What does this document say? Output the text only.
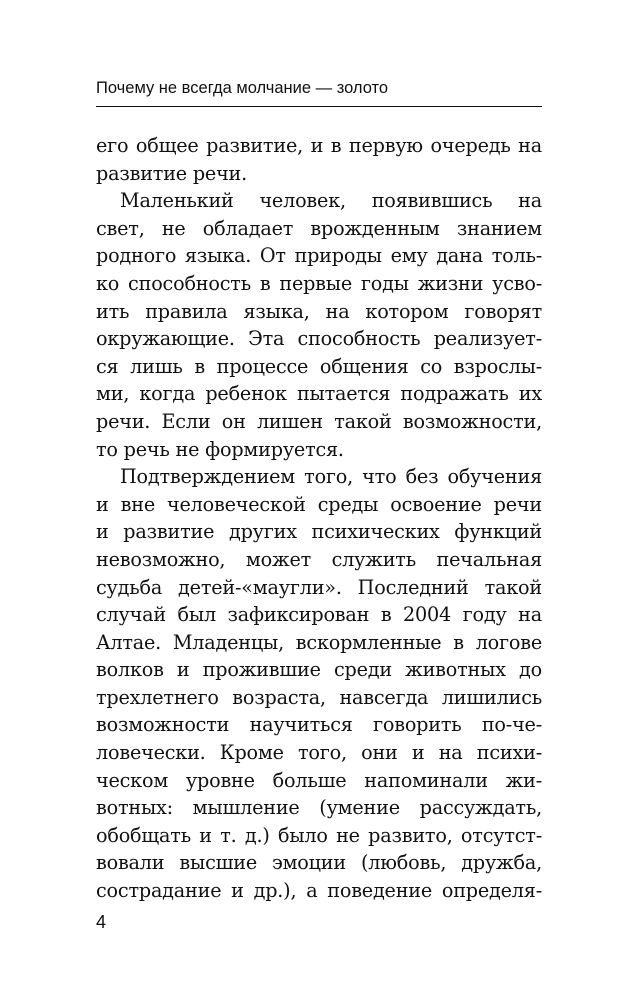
Почему не всегда молчание — золото
его общее развитие, и в первую очередь на
развитие речи.
Маленький человек, появившись на
свет, не обладает врожденным знанием
родного языка. От природы ему дана толь-
ко способность в первые годы жизни усво-
ить правила языка, на котором говорят
окружающие. Эта способность реализует-
ся лишь в процессе общения со взрослы-
ми, когда ребенок пытается подражать их
речи. Если он лишен такой возможности,
то речь не формируется.
Подтверждением того, что без обучения
и вне человеческой среды освоение речи
и развитие других психических функций
невозможно, может служить печальная
судьба детей-«маугли». Последний такой
случай был зафиксирован в 2004 году на
Алтае. Младенцы, вскормленные в логове
волков и прожившие среди животных до
трехлетнего возраста, навсегда лишились
возможности научиться говорить по-че-
ловечески. Кроме того, они и на психи-
ческом уровне больше напоминали жи-
вотных: мышление (умение рассуждать,
обобщать и т. д.) было не развито, отсутст-
вовали высшие эмоции (любовь, дружба,
сострадание и др.), а поведение определя-
4
